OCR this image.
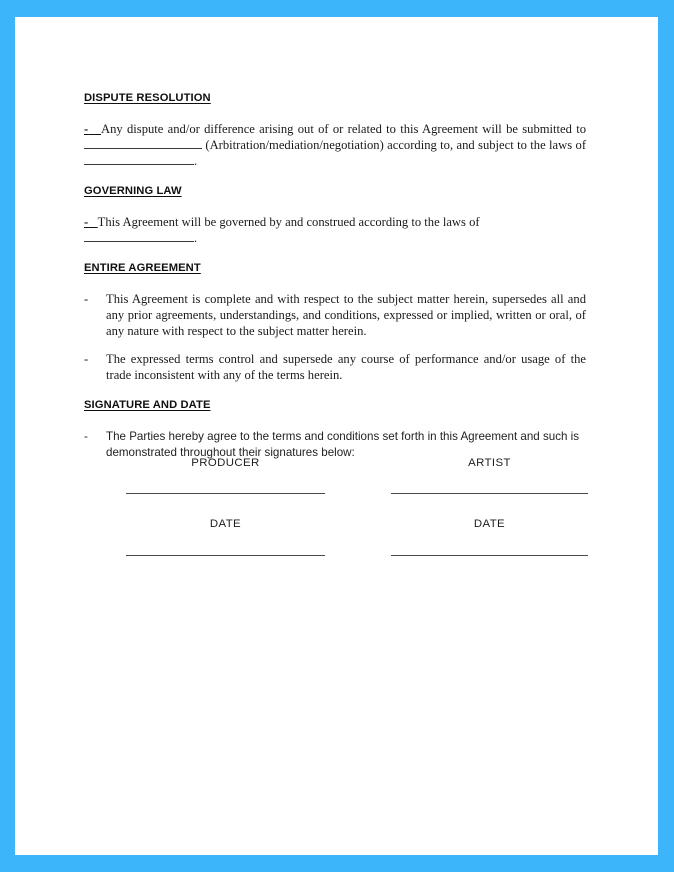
DISPUTE RESOLUTION
- Any dispute and/or difference arising out of or related to this Agreement will be submitted to  (Arbitration/mediation/negotiation) according to, and subject to the laws of.
GOVERNING LAW
- This Agreement will be governed by and construed according to the laws of
.
ENTIRE AGREEMENT
-	This Agreement is complete and with respect to the subject matter herein, supersedes all and any prior agreements, understandings, and conditions, expressed or implied, written or oral, of any nature with respect to the subject matter herein.
-	The expressed terms control and supersede any course of performance and/or usage of the trade inconsistent with any of the terms herein.
SIGNATURE AND DATE
-	The Parties hereby agree to the terms and conditions set forth in this Agreement and such is demonstrated throughout their signatures below:
PRODUCER	ARTIST
DATE	DATE
